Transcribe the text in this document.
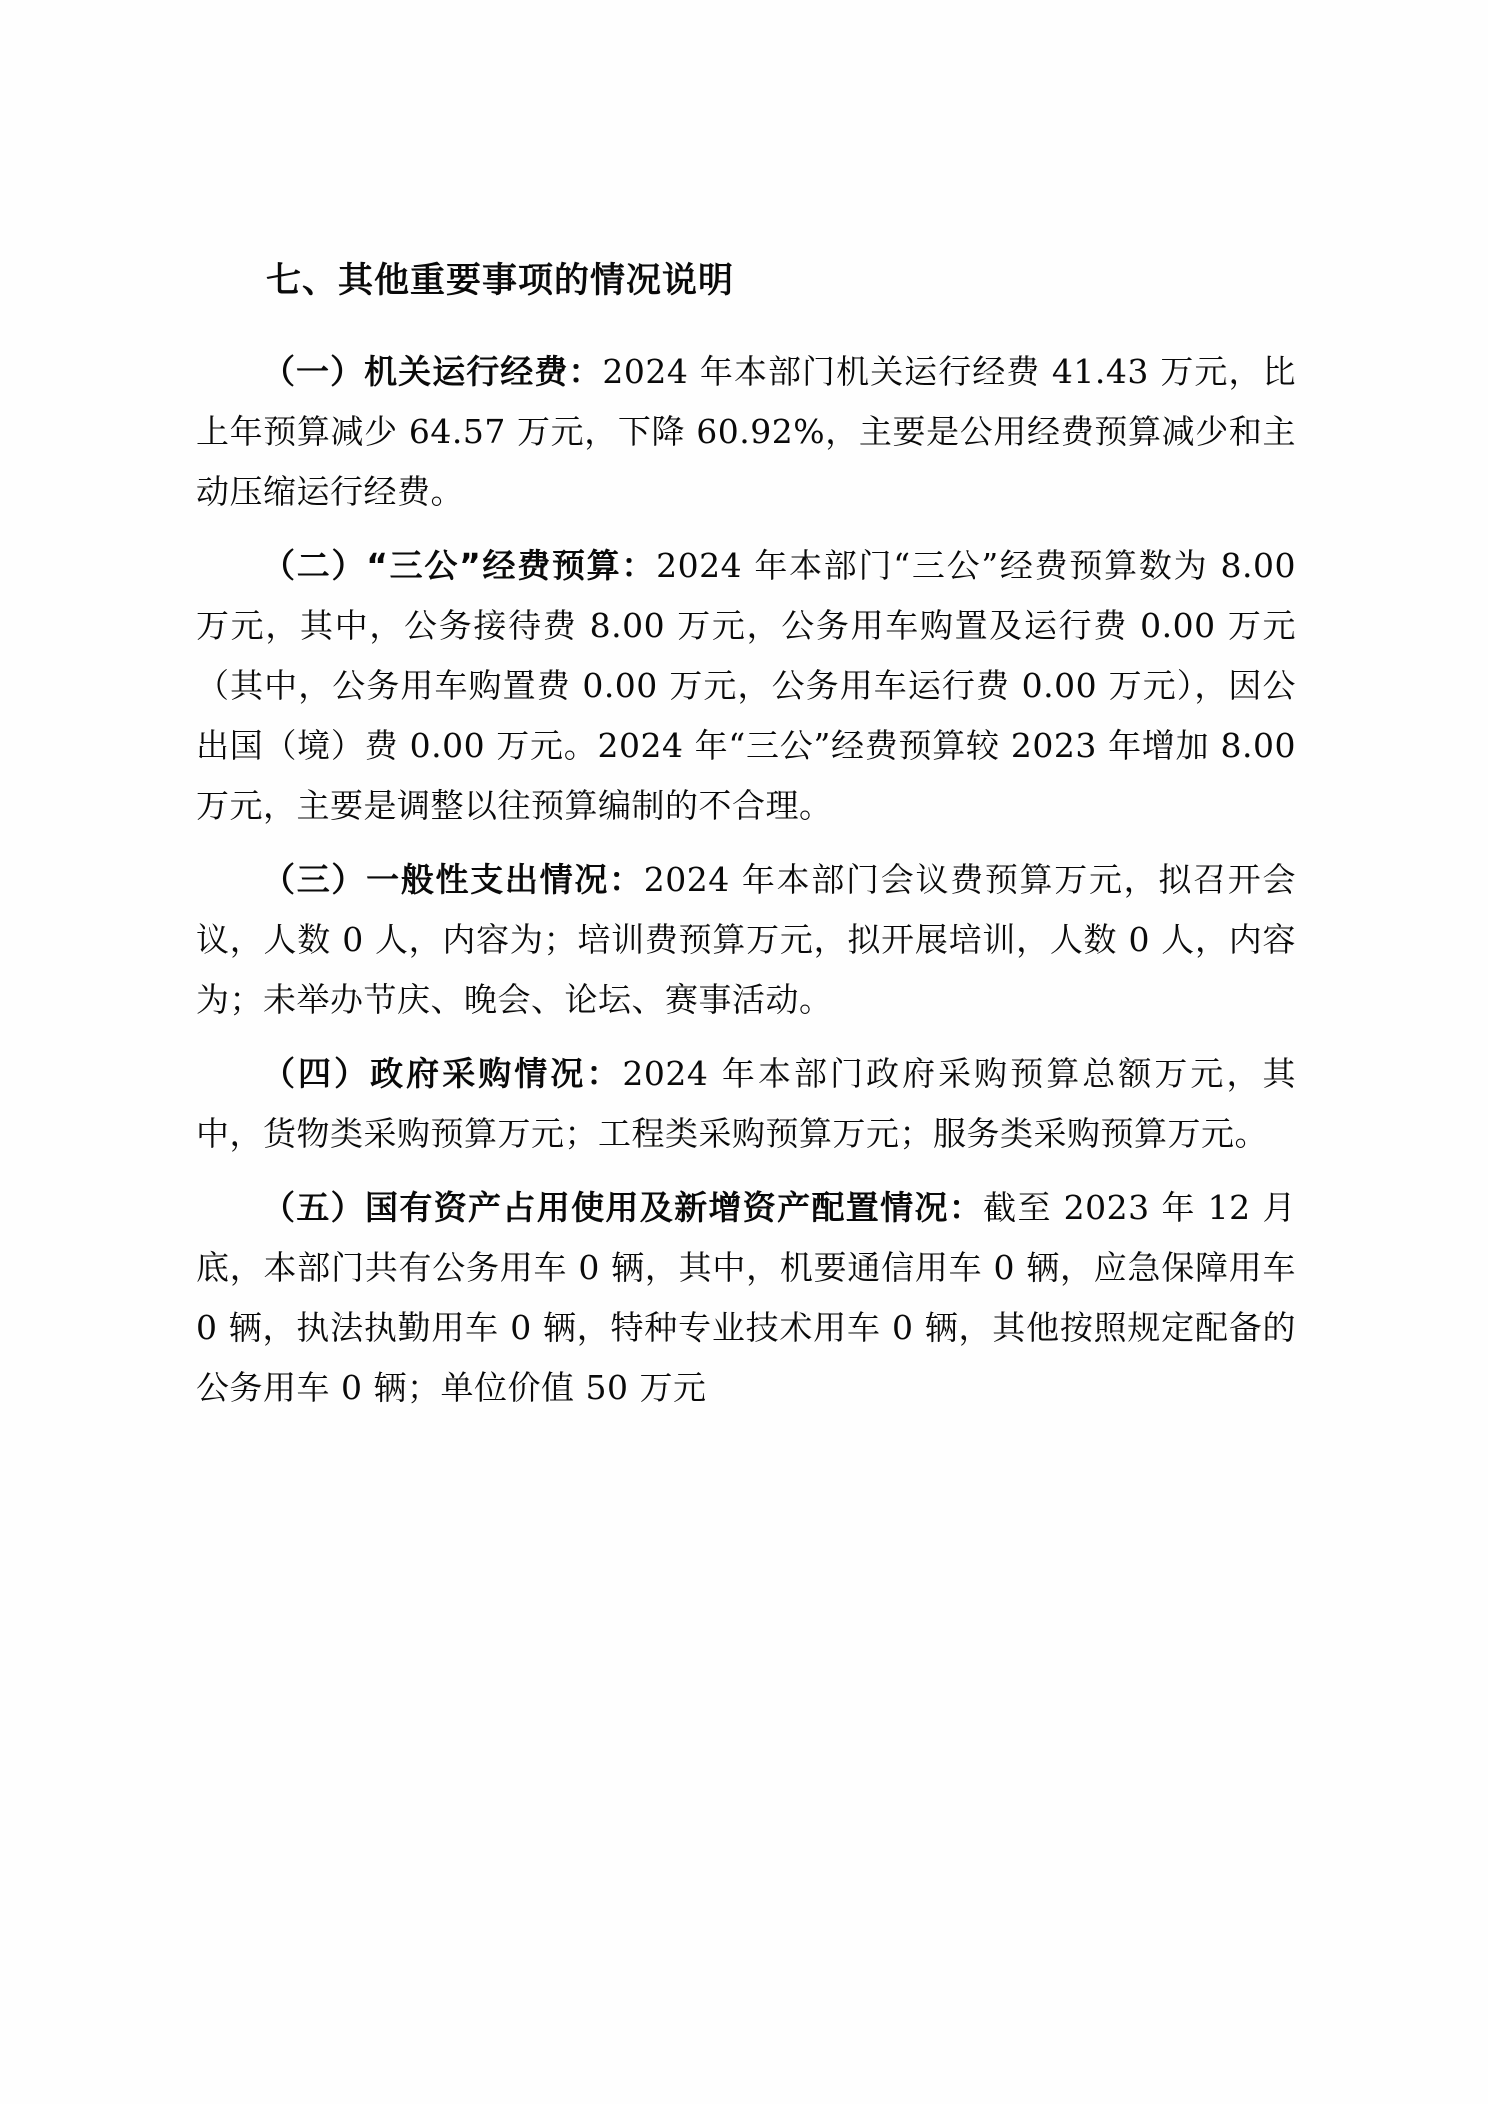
七、其他重要事项的情况说明

（一）机关运行经费：2024 年本部门机关运行经费 41.43 万元，比上年预算减少 64.57 万元，下降 60.92%，主要是公用经费预算减少和主动压缩运行经费。

（二）“三公”经费预算：2024 年本部门“三公”经费预算数为 8.00 万元，其中，公务接待费 8.00 万元，公务用车购置及运行费 0.00 万元（其中，公务用车购置费 0.00 万元，公务用车运行费 0.00 万元），因公出国（境）费 0.00 万元。2024 年“三公”经费预算较 2023 年增加 8.00 万元，主要是调整以往预算编制的不合理。

（三）一般性支出情况：2024 年本部门会议费预算万元，拟召开会议，人数 0 人，内容为；培训费预算万元，拟开展培训，人数 0 人，内容为；未举办节庆、晚会、论坛、赛事活动。

（四）政府采购情况：2024 年本部门政府采购预算总额万元，其中，货物类采购预算万元；工程类采购预算万元；服务类采购预算万元。

（五）国有资产占用使用及新增资产配置情况：截至 2023 年 12 月底，本部门共有公务用车 0 辆，其中，机要通信用车 0 辆，应急保障用车 0 辆，执法执勤用车 0 辆，特种专业技术用车 0 辆，其他按照规定配备的公务用车 0 辆；单位价值 50 万元
